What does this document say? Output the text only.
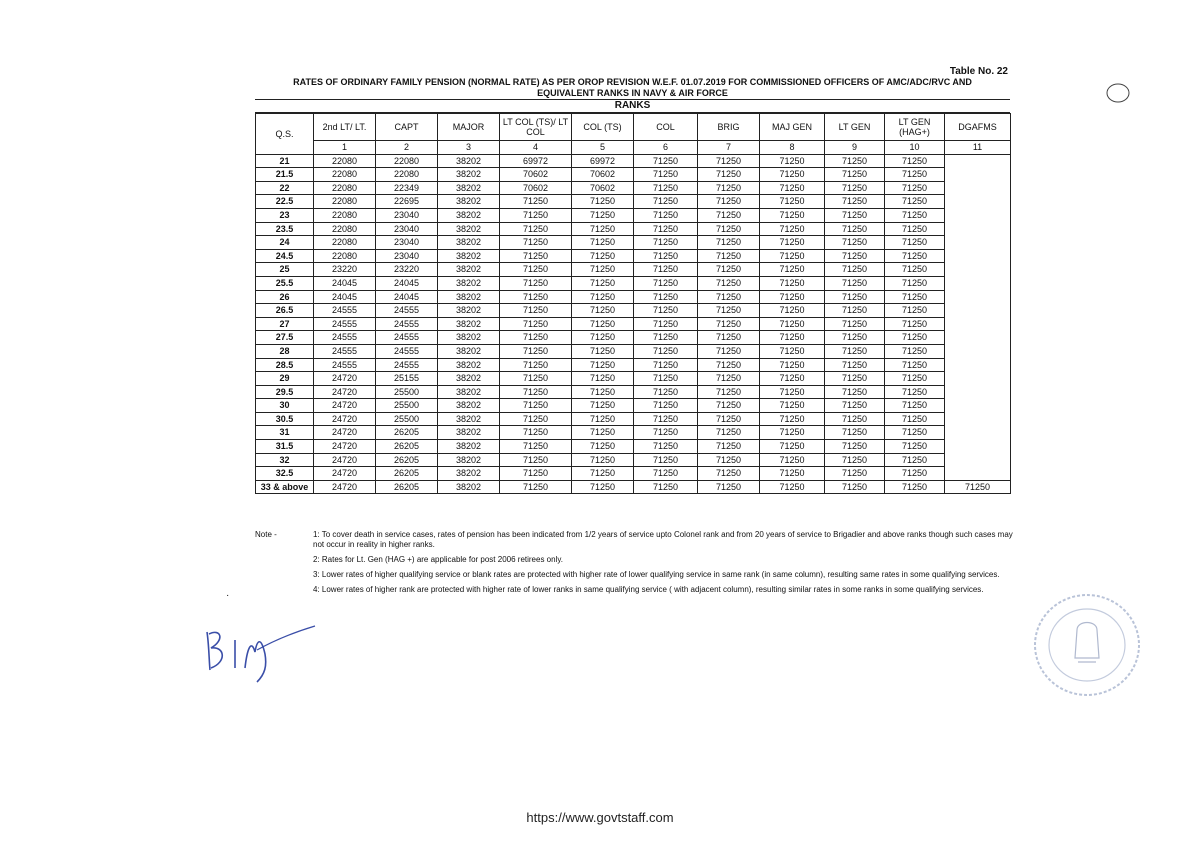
Table No. 22
RATES OF ORDINARY FAMILY PENSION (NORMAL RATE) AS PER OROP REVISION W.E.F. 01.07.2019 FOR COMMISSIONED OFFICERS OF AMC/ADC/RVC AND
EQUIVALENT RANKS IN NAVY & AIR FORCE
RANKS
Q.S.	2nd LT/ LT.	CAPT	MAJOR	LT COL (TS)/ LT COL	COL (TS)	COL	BRIG	MAJ GEN	LT GEN	LT GEN (HAG+)	DGAFMS
	1	2	3	4	5	6	7	8	9	10	11
21	22080	22080	38202	69972	69972	71250	71250	71250	71250	71250	
21.5	22080	22080	38202	70602	70602	71250	71250	71250	71250	71250	
22	22080	22349	38202	70602	70602	71250	71250	71250	71250	71250	
22.5	22080	22695	38202	71250	71250	71250	71250	71250	71250	71250	
23	22080	23040	38202	71250	71250	71250	71250	71250	71250	71250	
23.5	22080	23040	38202	71250	71250	71250	71250	71250	71250	71250	
24	22080	23040	38202	71250	71250	71250	71250	71250	71250	71250	
24.5	22080	23040	38202	71250	71250	71250	71250	71250	71250	71250	
25	23220	23220	38202	71250	71250	71250	71250	71250	71250	71250	
25.5	24045	24045	38202	71250	71250	71250	71250	71250	71250	71250	
26	24045	24045	38202	71250	71250	71250	71250	71250	71250	71250	
26.5	24555	24555	38202	71250	71250	71250	71250	71250	71250	71250	
27	24555	24555	38202	71250	71250	71250	71250	71250	71250	71250	
27.5	24555	24555	38202	71250	71250	71250	71250	71250	71250	71250	
28	24555	24555	38202	71250	71250	71250	71250	71250	71250	71250	
28.5	24555	24555	38202	71250	71250	71250	71250	71250	71250	71250	
29	24720	25155	38202	71250	71250	71250	71250	71250	71250	71250	
29.5	24720	25500	38202	71250	71250	71250	71250	71250	71250	71250	
30	24720	25500	38202	71250	71250	71250	71250	71250	71250	71250	
30.5	24720	25500	38202	71250	71250	71250	71250	71250	71250	71250	
31	24720	26205	38202	71250	71250	71250	71250	71250	71250	71250	
31.5	24720	26205	38202	71250	71250	71250	71250	71250	71250	71250	
32	24720	26205	38202	71250	71250	71250	71250	71250	71250	71250	
32.5	24720	26205	38202	71250	71250	71250	71250	71250	71250	71250	
33 & above	24720	26205	38202	71250	71250	71250	71250	71250	71250	71250	71250
Note -	1: To cover death in service cases, rates of pension has been indicated from 1/2 years of service upto Colonel rank and from 20 years of service to Brigadier and above ranks though such cases may not occur in reality in higher ranks.

2: Rates for Lt. Gen (HAG +) are applicable for post 2006 retirees only.

3: Lower rates of higher qualifying service or blank rates are protected with higher rate of lower qualifying service in same rank (in same column), resulting same rates in some qualifying services.

4: Lower rates of higher rank are protected with higher rate of lower ranks in same qualifying service ( with adjacent column), resulting similar rates in some ranks in some qualifying services.

·
https://www.govtstaff.com
